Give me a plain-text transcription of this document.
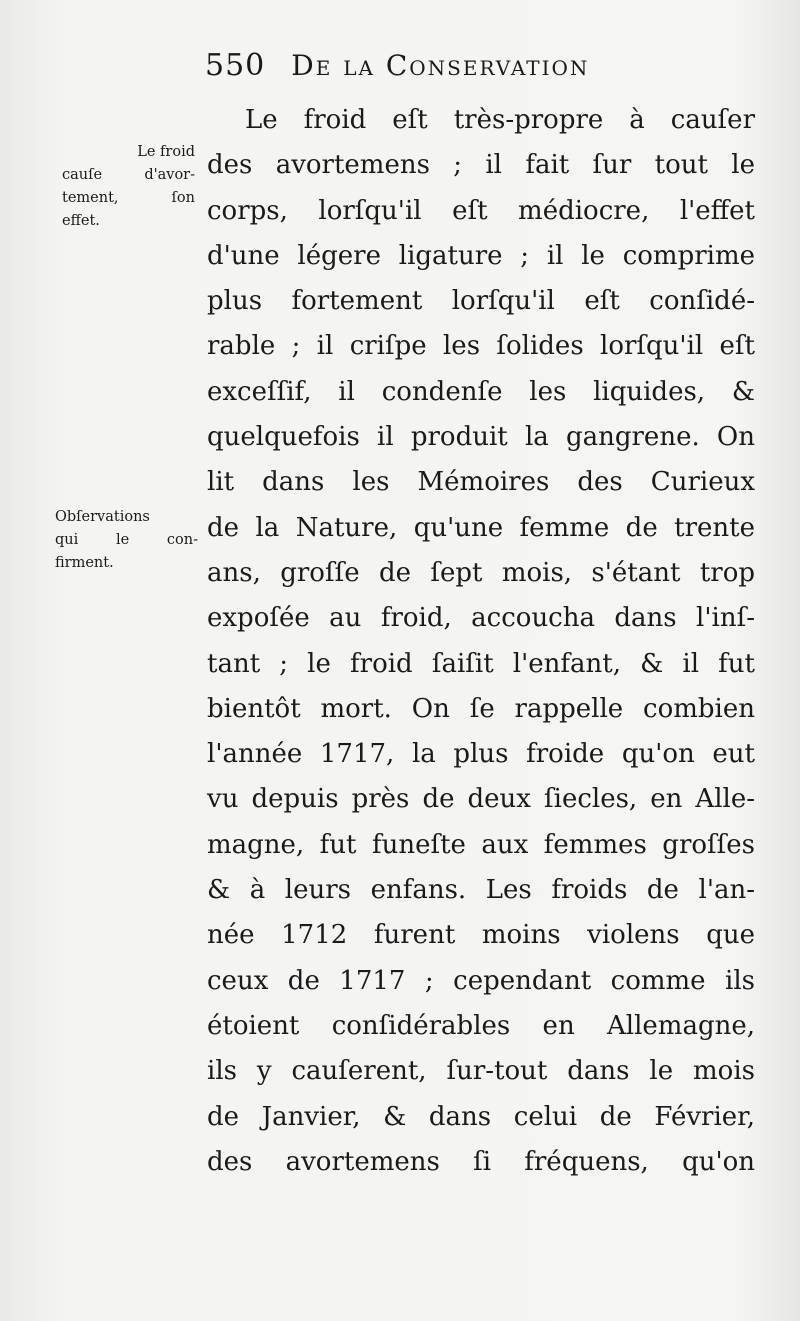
550 De la Conservation
Le froid
cauſe d'avor-
tement, ſon
effet.
Obſervations
qui le con-
firment.
Le froid eſt très-propre à cauſer
des avortemens ; il fait ſur tout le
corps, lorſqu'il eſt médiocre, l'effet
d'une légere ligature ; il le comprime
plus fortement lorſqu'il eſt conſidé-
rable ; il criſpe les ſolides lorſqu'il eſt
exceſſif, il condenſe les liquides, &
quelquefois il produit la gangrene. On
lit dans les Mémoires des Curieux
de la Nature, qu'une femme de trente
ans, groſſe de ſept mois, s'étant trop
expoſée au froid, accoucha dans l'inſ-
tant ; le froid ſaiſit l'enfant, & il fut
bientôt mort. On ſe rappelle combien
l'année 1717, la plus froide qu'on eut
vu depuis près de deux ſiecles, en Alle-
magne, fut funeſte aux femmes groſſes
& à leurs enfans. Les froids de l'an-
née 1712 furent moins violens que
ceux de 1717 ; cependant comme ils
étoient conſidérables en Allemagne,
ils y cauſerent, ſur-tout dans le mois
de Janvier, & dans celui de Février,
des avortemens ſi fréquens, qu'on
